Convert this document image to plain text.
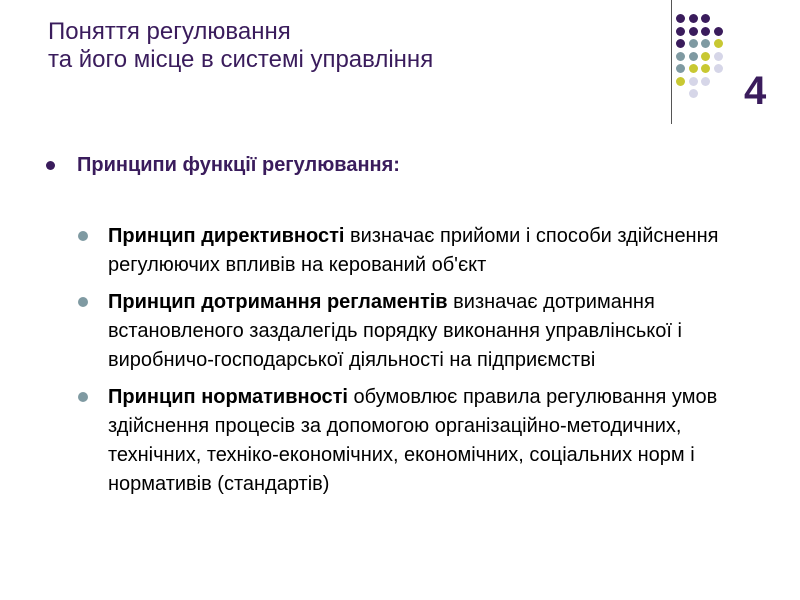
Поняття регулювання
та його місце в системі управління
4
Принципи функції регулювання:
Принцип директивності визначає прийоми і способи здійснення регулюючих впливів на керований об'єкт
Принцип дотримання регламентів визначає дотримання встановленого заздалегідь порядку виконання управлінської і виробничо-господарської діяльності на підприємстві
Принцип нормативності обумовлює правила регулювання умов здійснення процесів за допомогою організаційно-методичних, технічних, техніко-економічних, економічних, соціальних норм і нормативів (стандартів)
